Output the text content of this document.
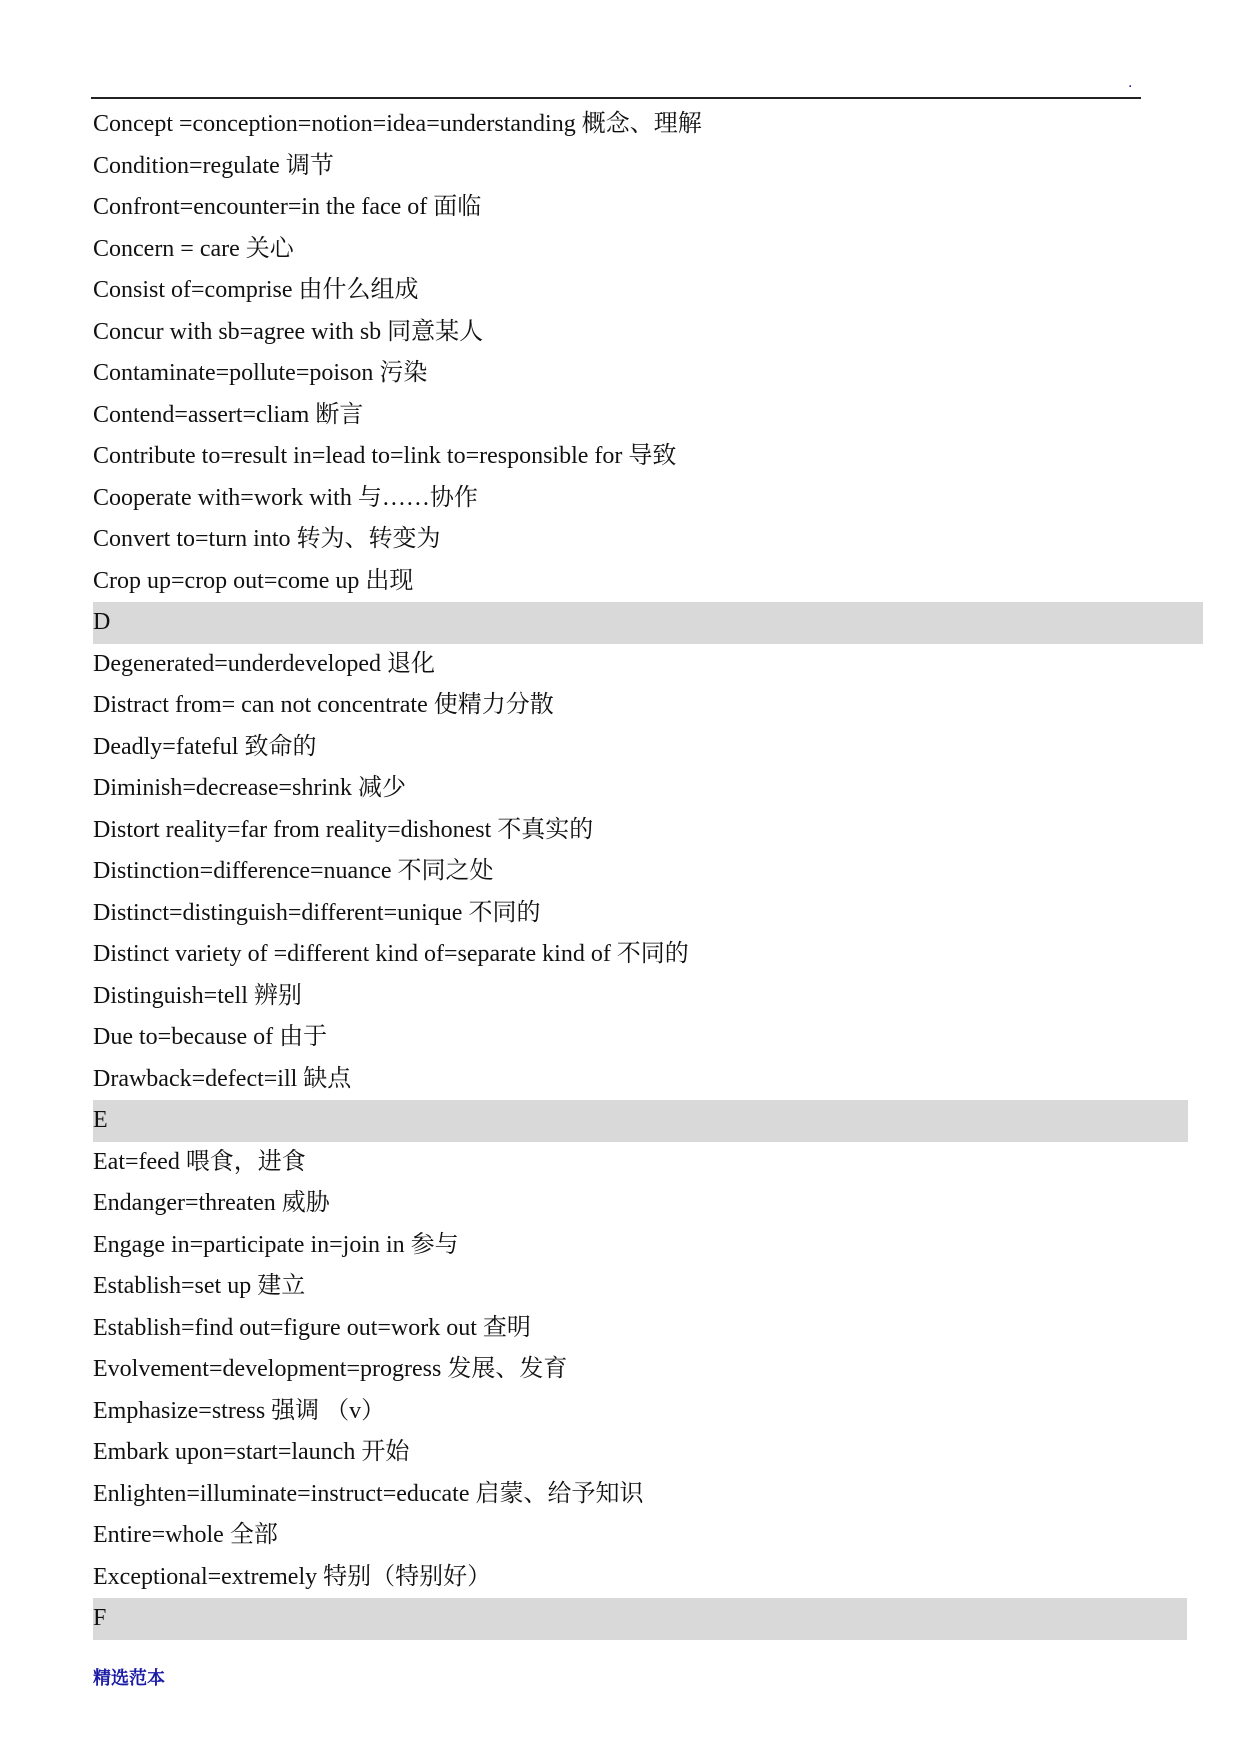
.
Concept =conception=notion=idea=understanding 概念、理解
Condition=regulate 调节
Confront=encounter=in the face of 面临
Concern = care 关心
Consist of=comprise 由什么组成
Concur with sb=agree with sb 同意某人
Contaminate=pollute=poison 污染
Contend=assert=cliam 断言
Contribute to=result in=lead to=link to=responsible for 导致
Cooperate with=work with 与……协作
Convert to=turn into 转为、转变为
Crop up=crop out=come up 出现
D
Degenerated=underdeveloped 退化
Distract from= can not concentrate 使精力分散
Deadly=fateful 致命的
Diminish=decrease=shrink 减少
Distort reality=far from reality=dishonest 不真实的
Distinction=difference=nuance 不同之处
Distinct=distinguish=different=unique 不同的
Distinct variety of =different kind of=separate kind of 不同的
Distinguish=tell 辨别
Due to=because of 由于
Drawback=defect=ill 缺点
E
Eat=feed 喂食，进食
Endanger=threaten 威胁
Engage in=participate in=join in 参与
Establish=set up 建立
Establish=find out=figure out=work out 查明
Evolvement=development=progress 发展、发育
Emphasize=stress 强调 （v）
Embark upon=start=launch 开始
Enlighten=illuminate=instruct=educate 启蒙、给予知识
Entire=whole 全部
Exceptional=extremely 特别（特别好）
F
精选范本
